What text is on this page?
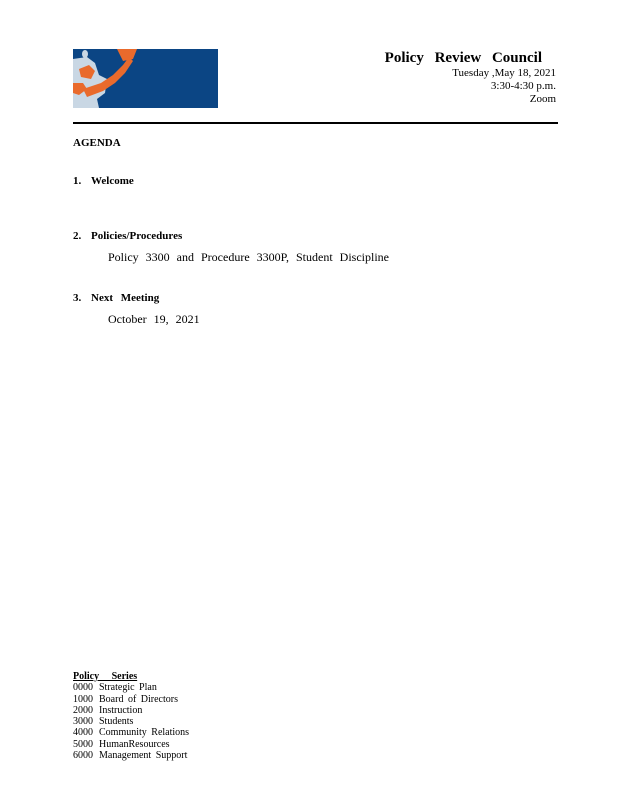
Policy Review Council
Tuesday ,May 18, 2021
3:30-4:30 p.m.
Zoom
AGENDA
1. Welcome
2. Policies/Procedures
Policy 3300 and Procedure 3300P, Student Discipline
3. Next Meeting
October 19, 2021
Policy Series
0000 Strategic Plan
1000 Board of Directors
2000 Instruction
3000 Students
4000 Community Relations
5000 HumanResources
6000 Management Support
